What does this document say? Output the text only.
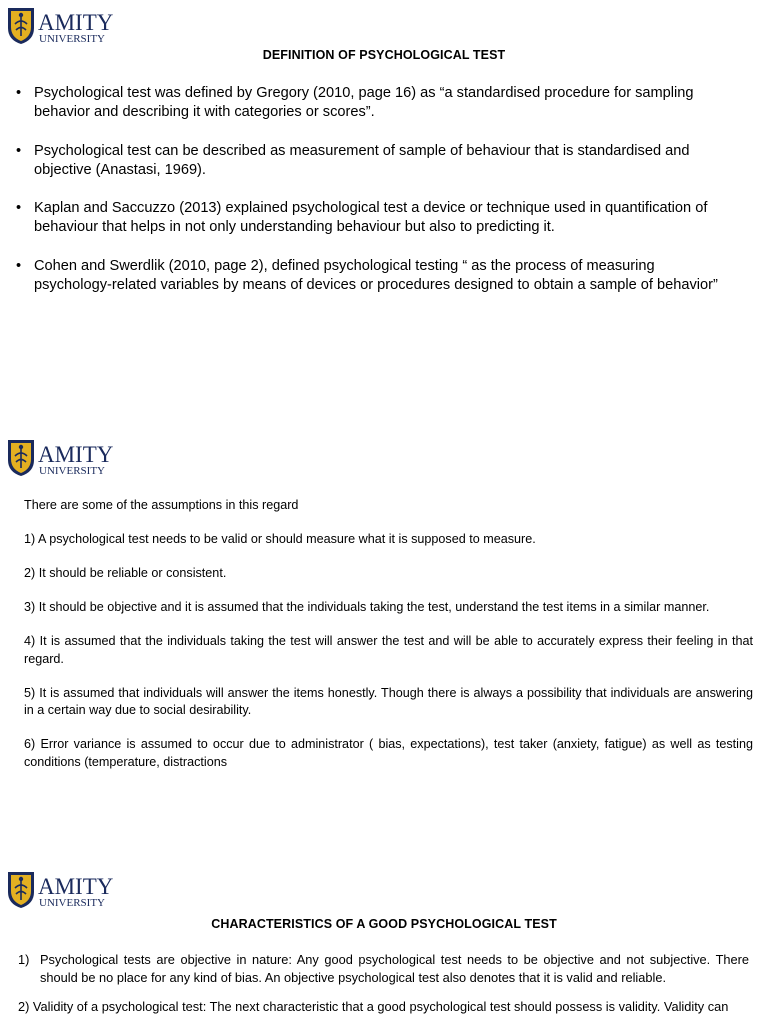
AMITY
UNIVERSITY
DEFINITION OF PSYCHOLOGICAL TEST
• Psychological test was defined by Gregory (2010, page 16) as “a standardised procedure for sampling behavior and describing it with categories or scores”.
• Psychological test can be described as measurement of sample of behaviour that is standardised and objective (Anastasi, 1969).
• Kaplan and Saccuzzo (2013) explained psychological test a device or technique used in quantification of behaviour that helps in not only understanding behaviour but also to predicting it.
• Cohen and Swerdlik (2010, page 2), defined psychological testing “ as the process of measuring psychology-related variables by means of devices or procedures designed to obtain a sample of behavior”
AMITY
UNIVERSITY

There are some of the assumptions in this regard

1) A psychological test needs to be valid or should measure what it is supposed to measure.

2) It should be reliable or consistent.

3) It should be objective and it is assumed that the individuals taking the test, understand the test items in a similar manner.

4) It is assumed that the individuals taking the test will answer the test and will be able to accurately express their feeling in that regard.

5) It is assumed that individuals will answer the items honestly. Though there is always a possibility that individuals are answering in a certain way due to social desirability.

6) Error variance is assumed to occur due to administrator ( bias, expectations), test taker (anxiety, fatigue) as well as testing conditions (temperature, distractions

AMITY
UNIVERSITY
CHARACTERISTICS OF A GOOD PSYCHOLOGICAL TEST
1) Psychological tests are objective in nature: Any good psychological test needs to be objective and not subjective. There should be no place for any kind of bias. An objective psychological test also denotes that it is valid and reliable.

2) Validity of a psychological test: The next characteristic that a good psychological test should possess is validity. Validity can
